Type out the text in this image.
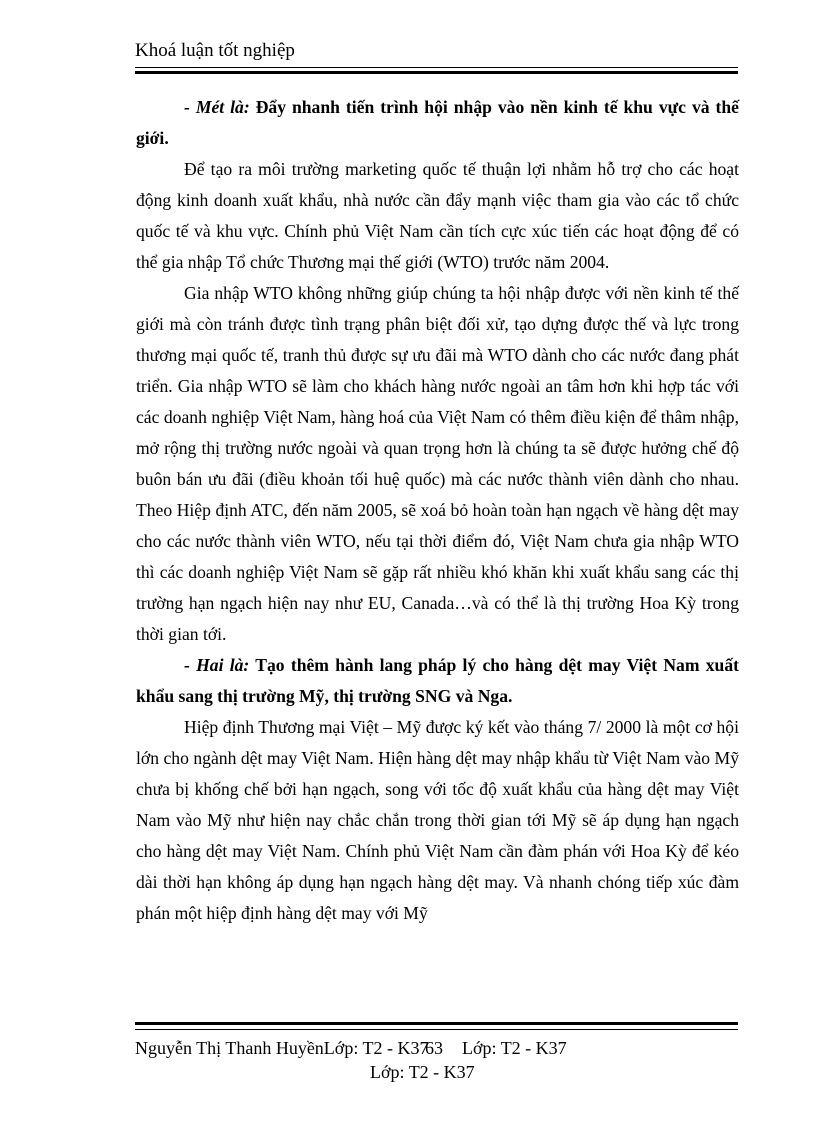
Khoá luận tốt nghiệp

- Mét là: Đẩy nhanh tiến trình hội nhập vào nền kinh tế khu vực và thế giới.

Để tạo ra môi trường marketing quốc tế thuận lợi nhằm hỗ trợ cho các hoạt động kinh doanh xuất khẩu, nhà nước cần đẩy mạnh việc tham gia vào các tổ chức quốc tế và khu vực. Chính phủ Việt Nam cần tích cực xúc tiến các hoạt động để có thể gia nhập Tổ chức Thương mại thế giới (WTO) trước năm 2004.

Gia nhập WTO không những giúp chúng ta hội nhập được với nền kinh tế thế giới mà còn tránh được tình trạng phân biệt đối xử, tạo dựng được thế và lực trong thương mại quốc tế, tranh thủ được sự ưu đãi mà WTO dành cho các nước đang phát triển. Gia nhập WTO sẽ làm cho khách hàng nước ngoài an tâm hơn khi hợp tác với các doanh nghiệp Việt Nam, hàng hoá của Việt Nam có thêm điều kiện để thâm nhập, mở rộng thị trường nước ngoài và quan trọng hơn là chúng ta sẽ được hưởng chế độ buôn bán ưu đãi (điều khoản tối huệ quốc) mà các nước thành viên dành cho nhau. Theo Hiệp định ATC, đến năm 2005, sẽ xoá bỏ hoàn toàn hạn ngạch về hàng dệt may cho các nước thành viên WTO, nếu tại thời điểm đó, Việt Nam chưa gia nhập WTO thì các doanh nghiệp Việt Nam sẽ gặp rất nhiều khó khăn khi xuất khẩu sang các thị trường hạn ngạch hiện nay như EU, Canada…và có thể là thị trường Hoa Kỳ trong thời gian tới.

- Hai là: Tạo thêm hành lang pháp lý cho hàng dệt may Việt Nam xuất khẩu sang thị trường Mỹ, thị trường SNG và Nga.

Hiệp định Thương mại Việt – Mỹ được ký kết vào tháng 7/ 2000 là một cơ hội lớn cho ngành dệt may Việt Nam. Hiện hàng dệt may nhập khẩu từ Việt Nam vào Mỹ chưa bị khống chế bởi hạn ngạch, song với tốc độ xuất khẩu của hàng dệt may Việt Nam vào Mỹ như hiện nay chắc chắn trong thời gian tới Mỹ sẽ áp dụng hạn ngạch cho hàng dệt may Việt Nam. Chính phủ Việt Nam cần đàm phán với Hoa Kỳ để kéo dài thời hạn không áp dụng hạn ngạch hàng dệt may. Và nhanh chóng tiếp xúc đàm phán một hiệp định hàng dệt may với Mỹ

Nguyễn Thị Thanh HuyềnLớp: T2 - K37
63 Lớp: T2 - K37
Lớp: T2 - K37
